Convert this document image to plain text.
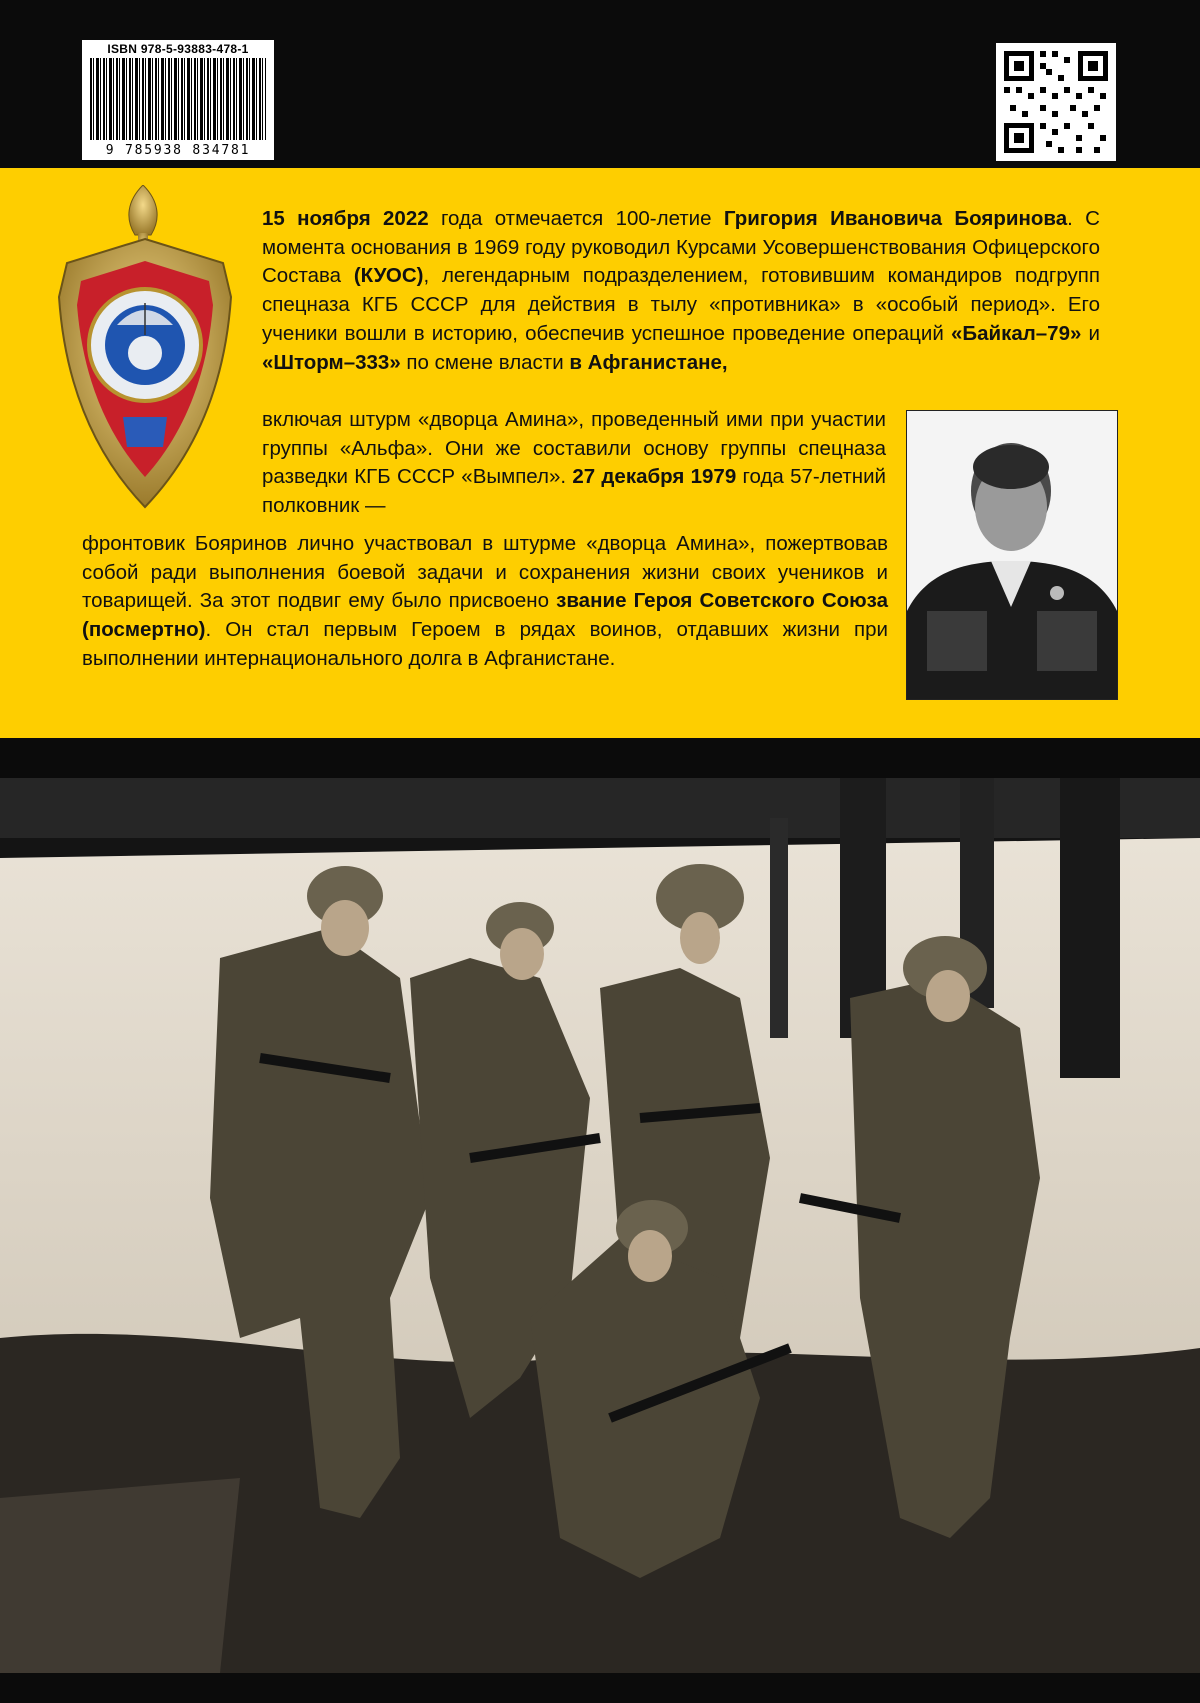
ISBN 978-5-93883-478-1
9 785938 834781
15 ноября 2022 года отмечается 100-летие Григория Ивановича Бояринова. С момента основания в 1969 году руководил Курсами Усовершенствования Офицерского Состава (КУОС), легендарным подразделением, готовившим командиров подгрупп спецназа КГБ СССР для действия в тылу «противника» в «особый период». Его ученики вошли в историю, обеспечив успешное проведение операций «Байкал–79» и «Шторм–333» по смене власти в Афганистане,
включая штурм «дворца Амина», проведенный ими при участии группы «Альфа». Они же составили основу группы спецназа разведки КГБ СССР «Вымпел». 27 декабря 1979 года 57-летний полковник —
фронтовик Бояринов лично участвовал в штурме «дворца Амина», пожертвовав собой ради выполнения боевой задачи и сохранения жизни своих учеников и товарищей. За этот подвиг ему было присвоено звание Героя Советского Союза (посмертно). Он стал первым Героем в рядах воинов, отдавших жизни при выполнении интернационального долга в Афганистане.
